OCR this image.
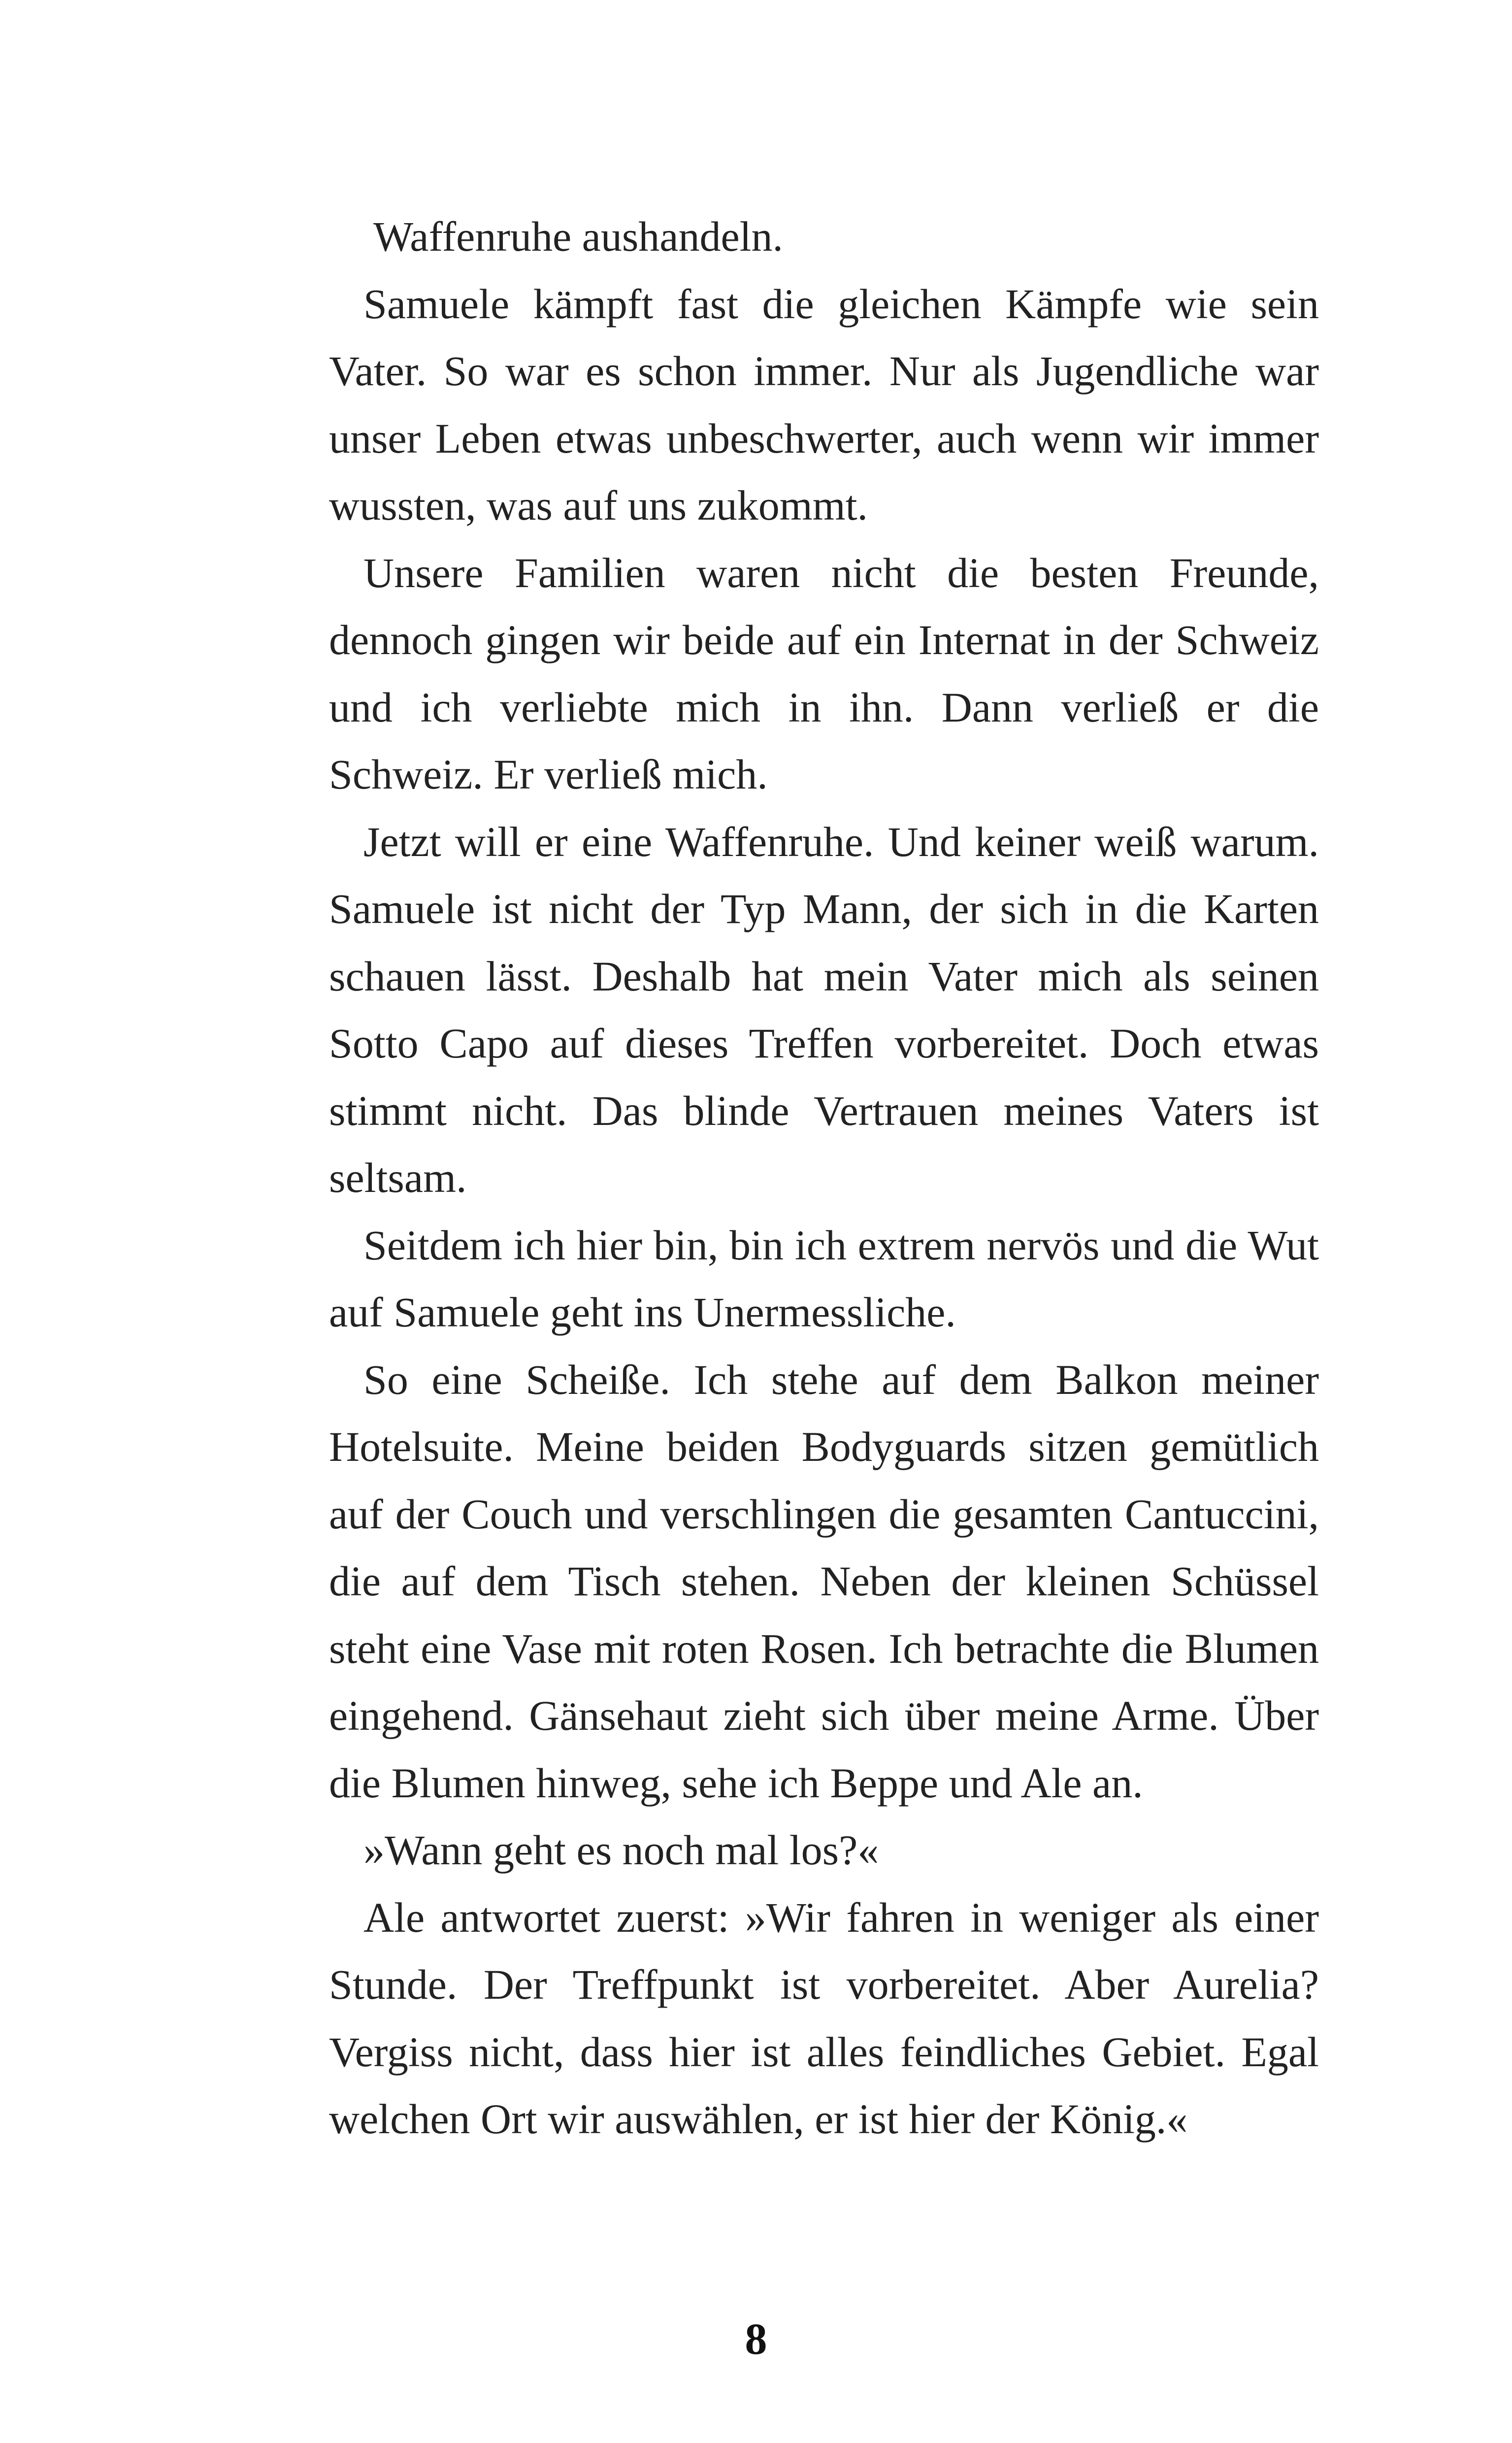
Waffenruhe aushandeln.

Samuele kämpft fast die gleichen Kämpfe wie sein Vater. So war es schon immer. Nur als Jugendliche war unser Leben etwas unbeschwerter, auch wenn wir immer wussten, was auf uns zukommt.

Unsere Familien waren nicht die besten Freunde, dennoch gingen wir beide auf ein Internat in der Schweiz und ich verliebte mich in ihn. Dann verließ er die Schweiz. Er verließ mich.

Jetzt will er eine Waffenruhe. Und keiner weiß warum. Samuele ist nicht der Typ Mann, der sich in die Karten schauen lässt. Deshalb hat mein Vater mich als seinen Sotto Capo auf dieses Treffen vorbereitet. Doch etwas stimmt nicht. Das blinde Vertrauen meines Vaters ist seltsam.

Seitdem ich hier bin, bin ich extrem nervös und die Wut auf Samuele geht ins Unermessliche.

So eine Scheiße. Ich stehe auf dem Balkon meiner Hotelsuite. Meine beiden Bodyguards sitzen gemütlich auf der Couch und verschlingen die gesamten Cantuccini, die auf dem Tisch stehen. Neben der kleinen Schüssel steht eine Vase mit roten Rosen. Ich betrachte die Blumen eingehend. Gänsehaut zieht sich über meine Arme. Über die Blumen hinweg, sehe ich Beppe und Ale an.

»Wann geht es noch mal los?«

Ale antwortet zuerst: »Wir fahren in weniger als einer Stunde. Der Treffpunkt ist vorbereitet. Aber Aurelia? Vergiss nicht, dass hier ist alles feindliches Gebiet. Egal welchen Ort wir auswählen, er ist hier der König.«

8
